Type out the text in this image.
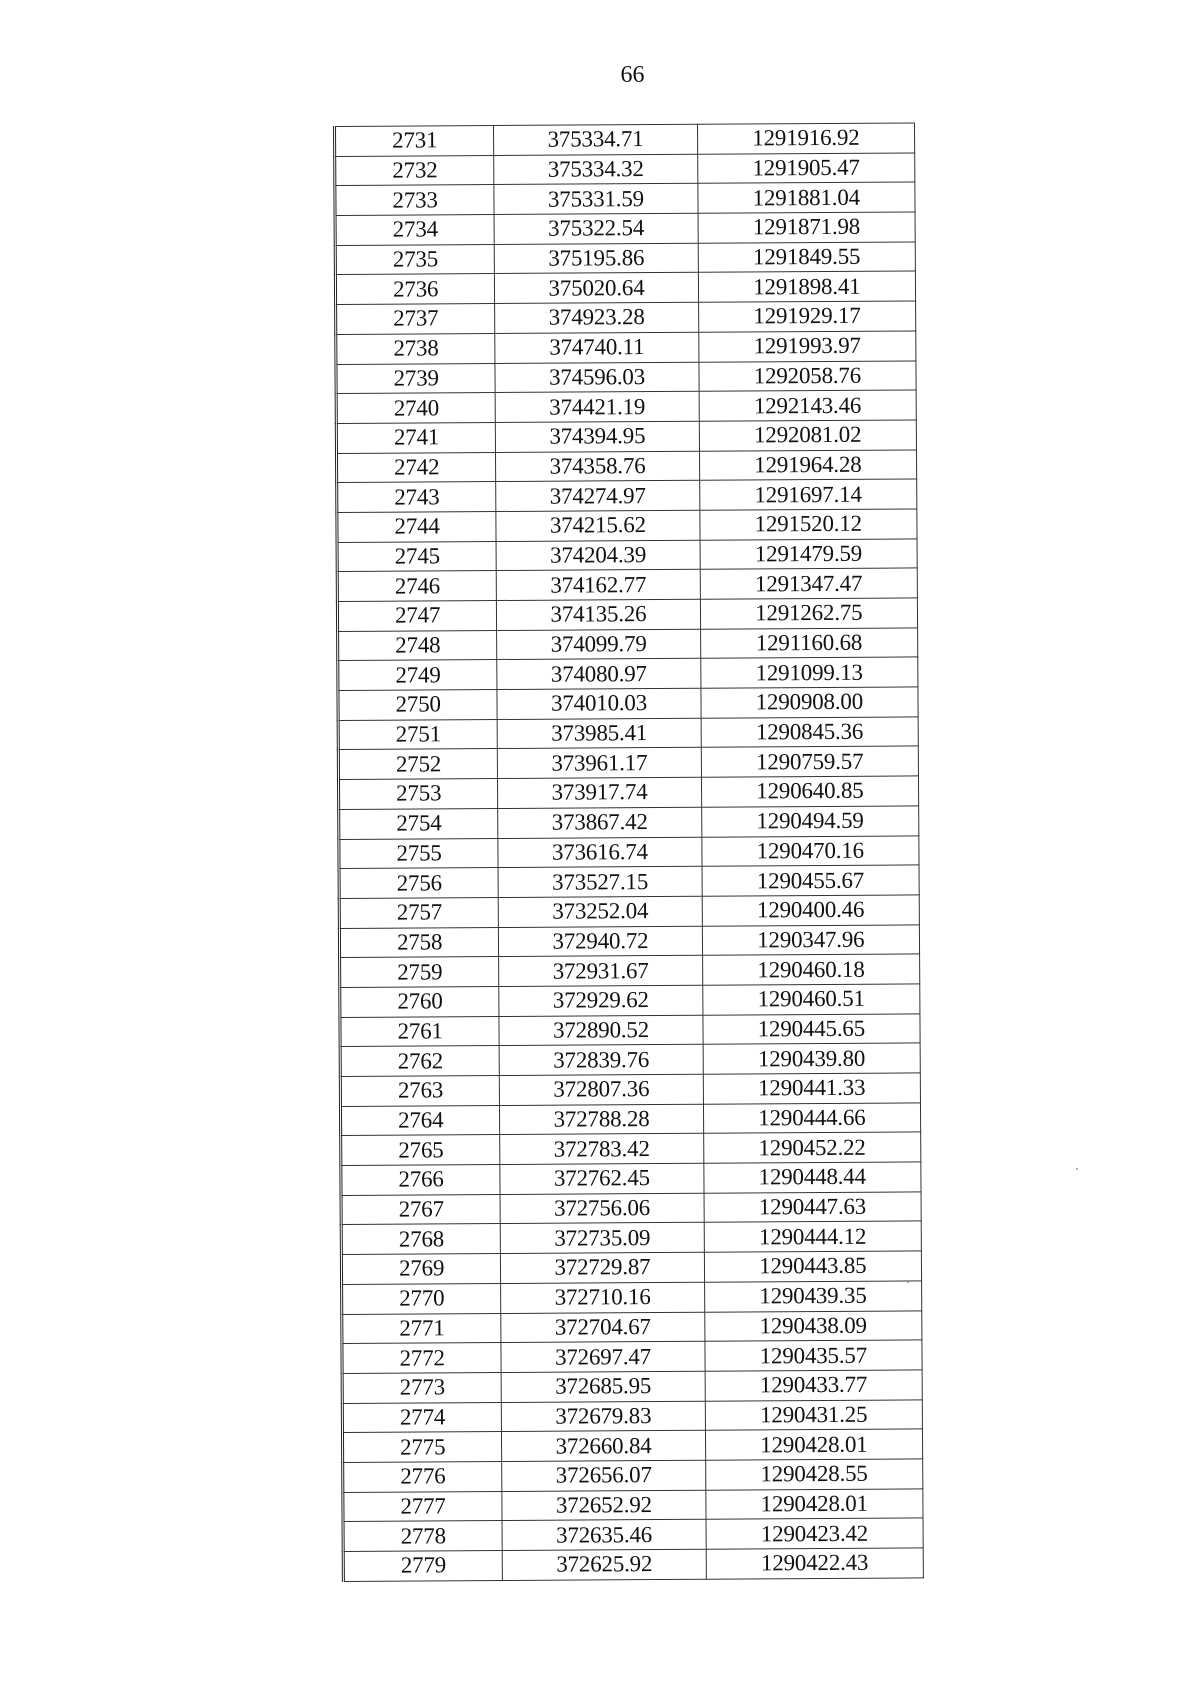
66
2731	375334.71	1291916.92
2732	375334.32	1291905.47
2733	375331.59	1291881.04
2734	375322.54	1291871.98
2735	375195.86	1291849.55
2736	375020.64	1291898.41
2737	374923.28	1291929.17
2738	374740.11	1291993.97
2739	374596.03	1292058.76
2740	374421.19	1292143.46
2741	374394.95	1292081.02
2742	374358.76	1291964.28
2743	374274.97	1291697.14
2744	374215.62	1291520.12
2745	374204.39	1291479.59
2746	374162.77	1291347.47
2747	374135.26	1291262.75
2748	374099.79	1291160.68
2749	374080.97	1291099.13
2750	374010.03	1290908.00
2751	373985.41	1290845.36
2752	373961.17	1290759.57
2753	373917.74	1290640.85
2754	373867.42	1290494.59
2755	373616.74	1290470.16
2756	373527.15	1290455.67
2757	373252.04	1290400.46
2758	372940.72	1290347.96
2759	372931.67	1290460.18
2760	372929.62	1290460.51
2761	372890.52	1290445.65
2762	372839.76	1290439.80
2763	372807.36	1290441.33
2764	372788.28	1290444.66
2765	372783.42	1290452.22
2766	372762.45	1290448.44
2767	372756.06	1290447.63
2768	372735.09	1290444.12
2769	372729.87	1290443.85
2770	372710.16	1290439.35
2771	372704.67	1290438.09
2772	372697.47	1290435.57
2773	372685.95	1290433.77
2774	372679.83	1290431.25
2775	372660.84	1290428.01
2776	372656.07	1290428.55
2777	372652.92	1290428.01
2778	372635.46	1290423.42
2779	372625.92	1290422.43
